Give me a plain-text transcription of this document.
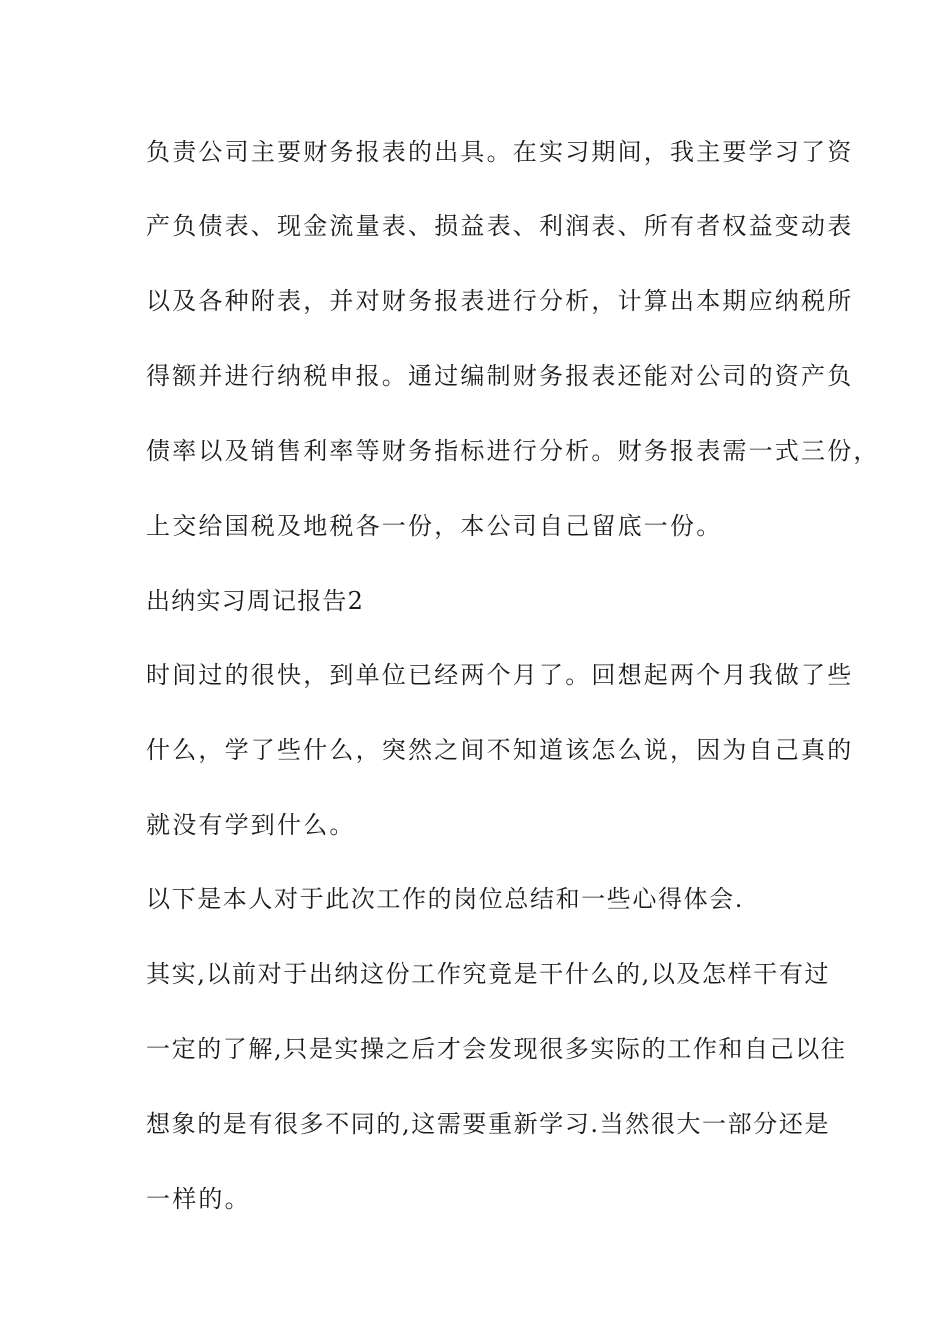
负责公司主要财务报表的出具。在实习期间，我主要学习了资
产负债表、现金流量表、损益表、利润表、所有者权益变动表
以及各种附表，并对财务报表进行分析，计算出本期应纳税所
得额并进行纳税申报。通过编制财务报表还能对公司的资产负
债率以及销售利率等财务指标进行分析。财务报表需一式三份，
上交给国税及地税各一份，本公司自己留底一份。
出纳实习周记报告2
时间过的很快，到单位已经两个月了。回想起两个月我做了些
什么，学了些什么，突然之间不知道该怎么说，因为自己真的
就没有学到什么。
以下是本人对于此次工作的岗位总结和一些心得体会.
其实,以前对于出纳这份工作究竟是干什么的,以及怎样干有过
一定的了解,只是实操之后才会发现很多实际的工作和自己以往
想象的是有很多不同的,这需要重新学习.当然很大一部分还是
一样的。
